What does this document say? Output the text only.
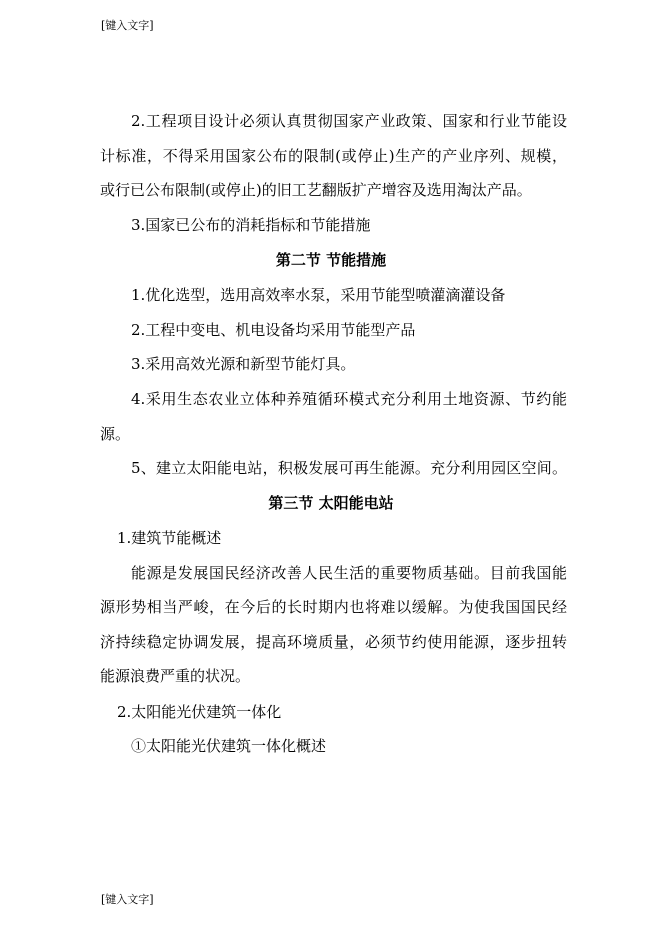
[键入文字]
2.工程项目设计必须认真贯彻国家产业政策、国家和行业节能设
计标准，不得采用国家公布的限制(或停止)生产的产业序列、规模，
或行已公布限制(或停止)的旧工艺翻版扩产增容及选用淘汰产品。
3.国家已公布的消耗指标和节能措施
第二节 节能措施
1.优化选型，选用高效率水泵，采用节能型喷灌滴灌设备
2.工程中变电、机电设备均采用节能型产品
3.采用高效光源和新型节能灯具。
4.采用生态农业立体种养殖循环模式充分利用土地资源、节约能
源。
5、建立太阳能电站，积极发展可再生能源。充分利用园区空间。
第三节 太阳能电站
1.建筑节能概述
能源是发展国民经济改善人民生活的重要物质基础。目前我国能
源形势相当严峻，在今后的长时期内也将难以缓解。为使我国国民经
济持续稳定协调发展，提高环境质量，必须节约使用能源，逐步扭转
能源浪费严重的状况。
2.太阳能光伏建筑一体化
①太阳能光伏建筑一体化概述
[键入文字]
